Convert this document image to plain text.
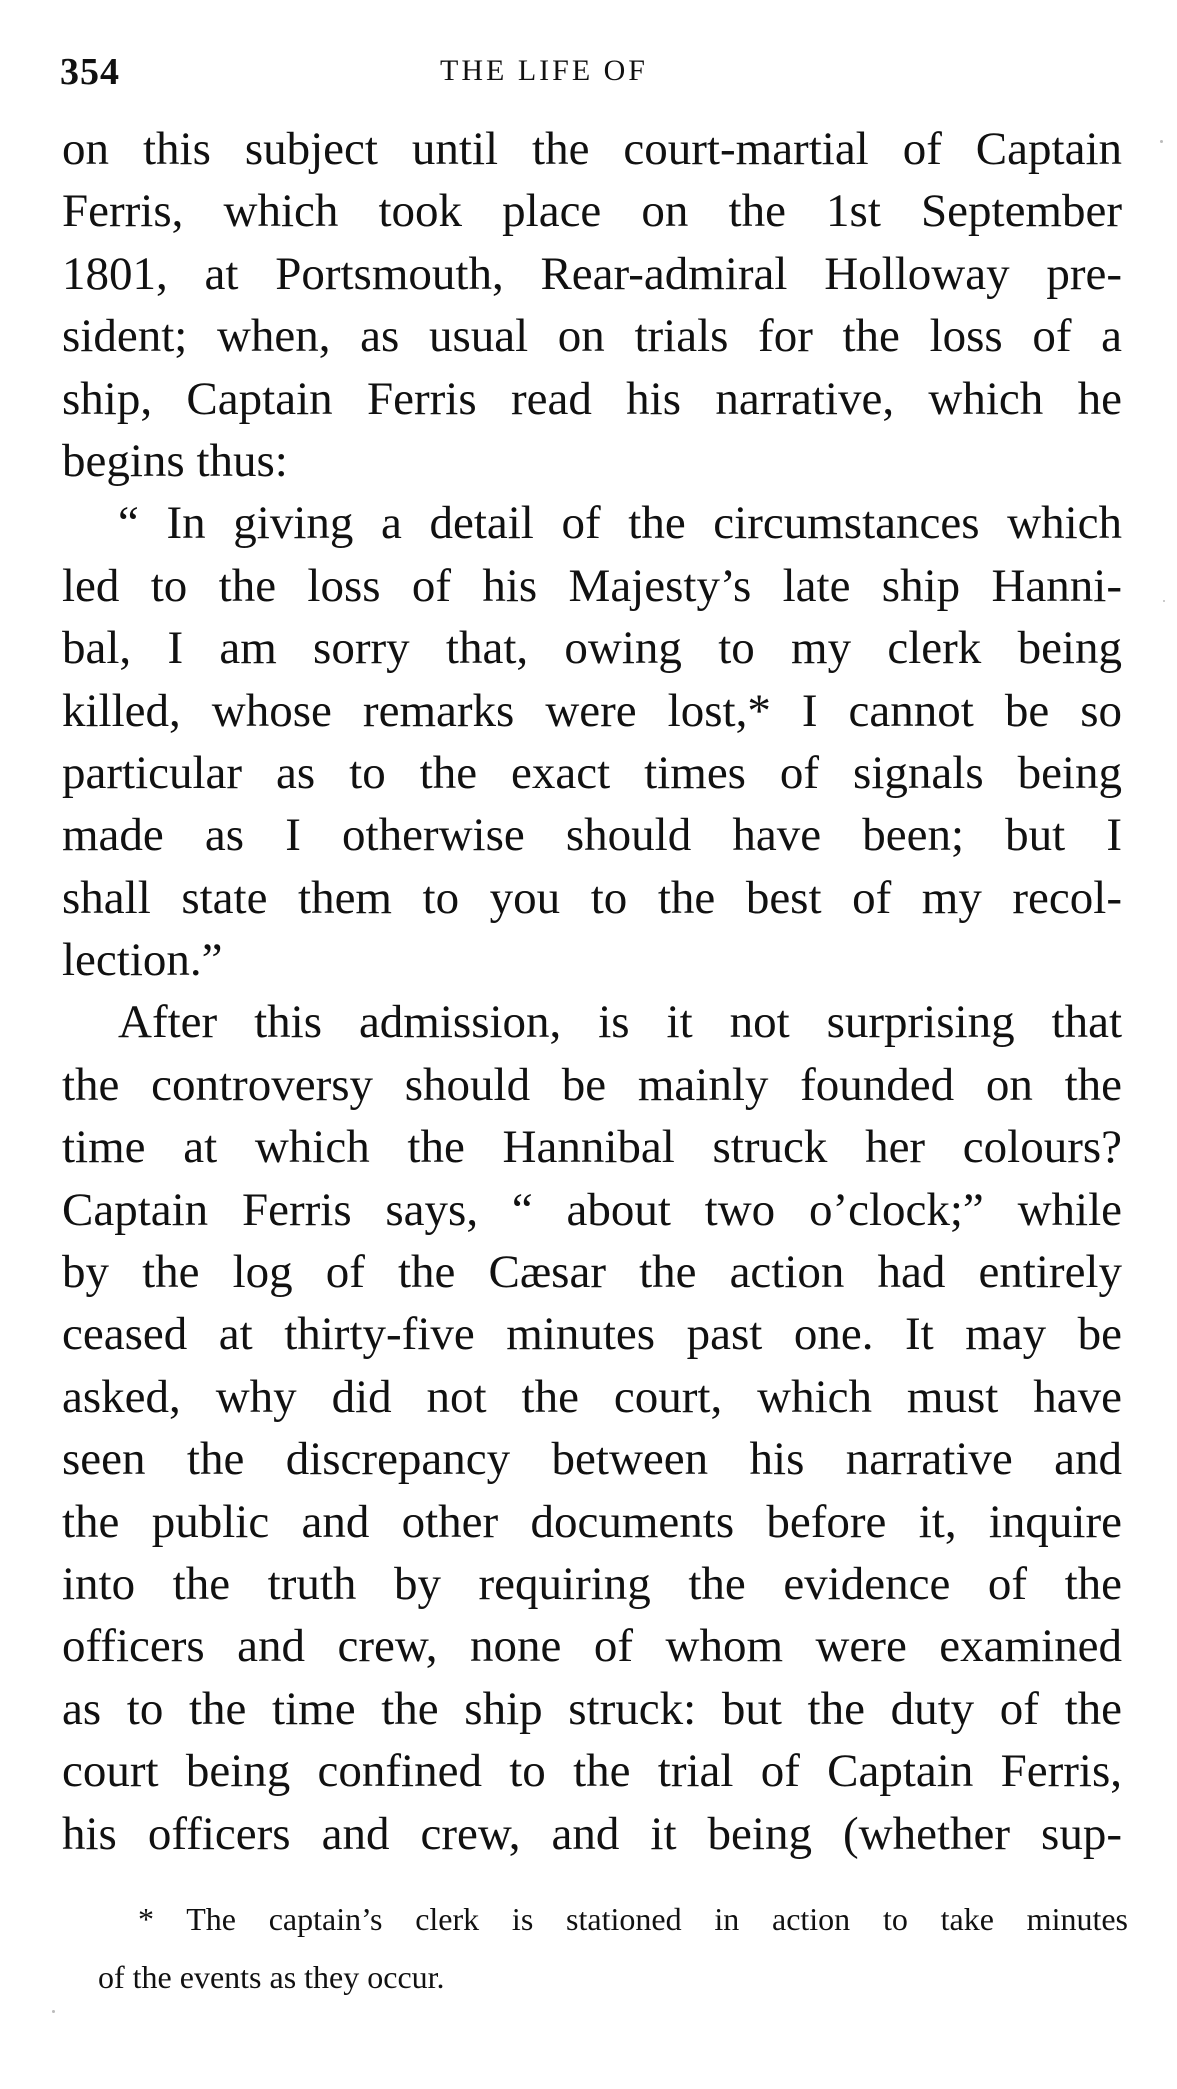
354	THE LIFE OF
on this subject until the court-martial of Captain
Ferris, which took place on the 1st September
1801, at Portsmouth, Rear-admiral Holloway pre-
sident; when, as usual on trials for the loss of a
ship, Captain Ferris read his narrative, which he
begins thus:
“ In giving a detail of the circumstances which
led to the loss of his Majesty’s late ship Hanni-
bal, I am sorry that, owing to my clerk being
killed, whose remarks were lost,* I cannot be so
particular as to the exact times of signals being
made as I otherwise should have been; but I
shall state them to you to the best of my recol-
lection.”
After this admission, is it not surprising that
the controversy should be mainly founded on the
time at which the Hannibal struck her colours?
Captain Ferris says, “ about two o’clock;” while
by the log of the Cæsar the action had entirely
ceased at thirty-five minutes past one. It may be
asked, why did not the court, which must have
seen the discrepancy between his narrative and
the public and other documents before it, inquire
into the truth by requiring the evidence of the
officers and crew, none of whom were examined
as to the time the ship struck: but the duty of the
court being confined to the trial of Captain Ferris,
his officers and crew, and it being (whether sup-
* The captain’s clerk is stationed in action to take minutes
of the events as they occur.
